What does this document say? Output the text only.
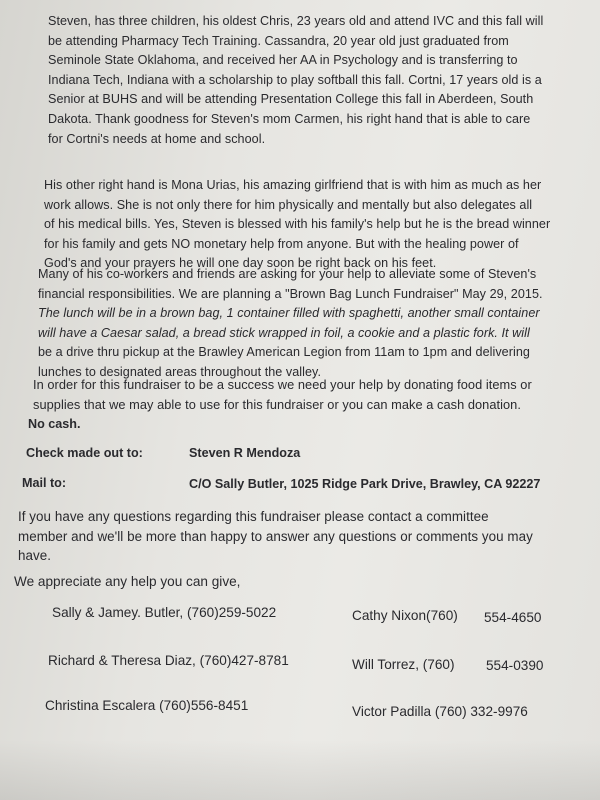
Steven, has three children, his oldest Chris, 23 years old and attend IVC and this fall will
be attending Pharmacy Tech Training. Cassandra, 20 year old just graduated from
Seminole State Oklahoma, and received her AA in Psychology and is transferring to
Indiana Tech, Indiana with a scholarship to play softball this fall. Cortni, 17 years old is a
Senior at BUHS and will be attending Presentation College this fall in Aberdeen, South
Dakota. Thank goodness for Steven's mom Carmen, his right hand that is able to care
for Cortni's needs at home and school.
His other right hand is Mona Urias, his amazing girlfriend that is with him as much as her
work allows. She is not only there for him physically and mentally but also delegates all
of his medical bills. Yes, Steven is blessed with his family's help but he is the bread winner
for his family and gets NO monetary help from anyone. But with the healing power of
God's and your prayers he will one day soon be right back on his feet.
Many of his co-workers and friends are asking for your help to alleviate some of Steven's
financial responsibilities. We are planning a "Brown Bag Lunch Fundraiser" May 29, 2015.
The lunch will be in a brown bag, 1 container filled with spaghetti, another small container
will have a Caesar salad, a bread stick wrapped in foil, a cookie and a plastic fork. It will
be a drive thru pickup at the Brawley American Legion from 11am to 1pm and delivering
lunches to designated areas throughout the valley.
In order for this fundraiser to be a success we need your help by donating food items or
supplies that we may able to use for this fundraiser or you can make a cash donation.
No cash.
Check made out to:	Steven R Mendoza
Mail to:	C/O Sally Butler, 1025 Ridge Park Drive, Brawley, CA 92227
If you have any questions regarding this fundraiser please contact a committee
member and we'll be more than happy to answer any questions or comments you may
have.
We appreciate any help you can give,
Sally & Jamey. Butler, (760)259-5022	Cathy Nixon(760) 554-4650
Richard & Theresa Diaz, (760)427-8781	Will Torrez, (760) 554-0390
Christina Escalera (760)556-8451	Victor Padilla (760) 332-9976
